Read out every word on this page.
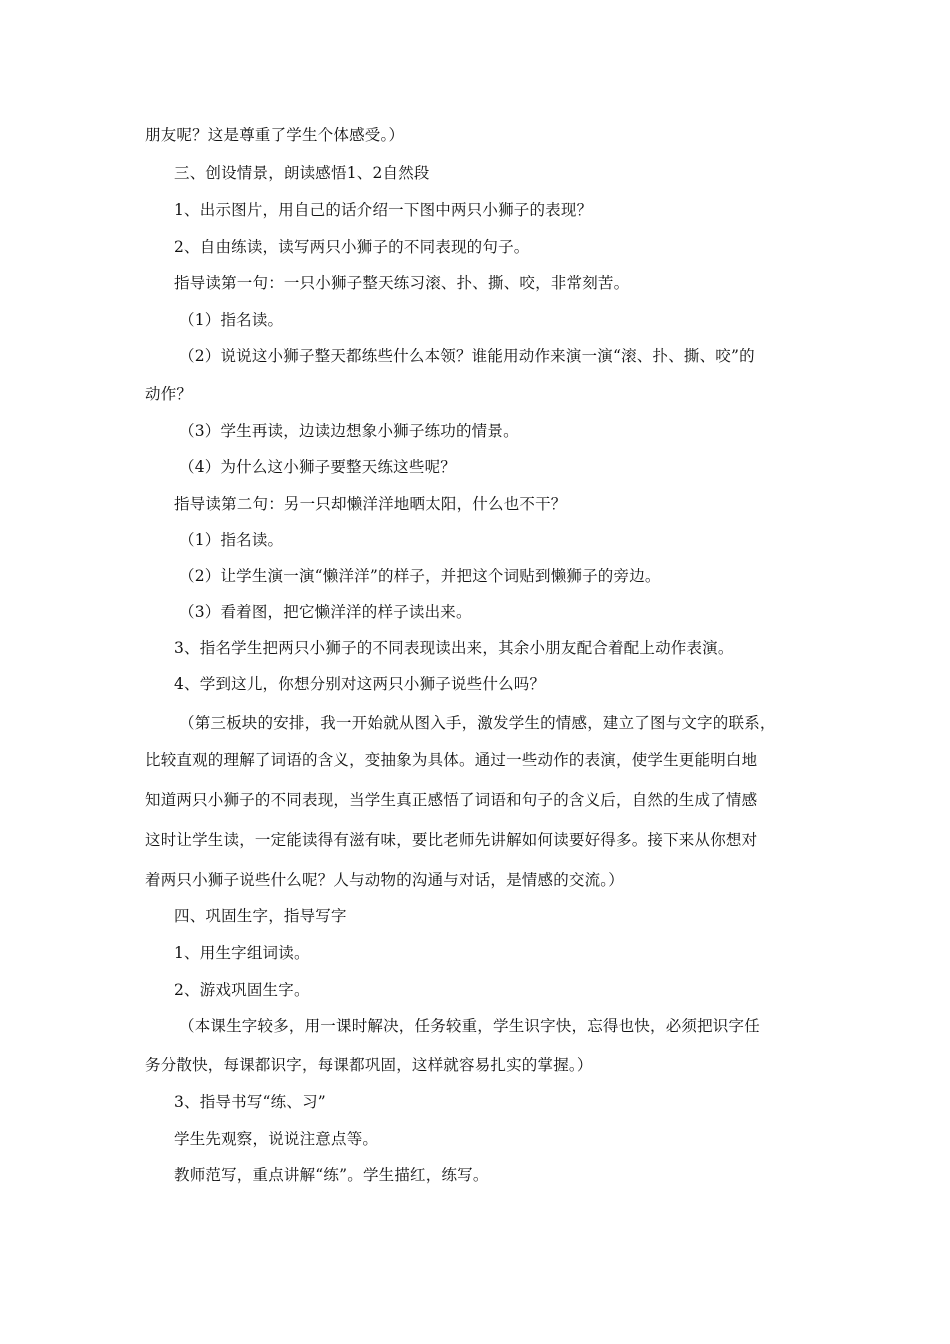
朋友呢？这是尊重了学生个体感受。）
三、创设情景，朗读感悟1、2自然段
1、出示图片，用自己的话介绍一下图中两只小狮子的表现？
2、自由练读，读写两只小狮子的不同表现的句子。
指导读第一句：一只小狮子整天练习滚、扑、撕、咬，非常刻苦。
（1）指名读。
（2）说说这小狮子整天都练些什么本领？谁能用动作来演一演“滚、扑、撕、咬”的
动作？
（3）学生再读，边读边想象小狮子练功的情景。
（4）为什么这小狮子要整天练这些呢？
指导读第二句：另一只却懒洋洋地晒太阳，什么也不干？
（1）指名读。
（2）让学生演一演“懒洋洋”的样子，并把这个词贴到懒狮子的旁边。
（3）看着图，把它懒洋洋的样子读出来。
3、指名学生把两只小狮子的不同表现读出来，其余小朋友配合着配上动作表演。
4、学到这儿，你想分别对这两只小狮子说些什么吗？
（第三板块的安排，我一开始就从图入手，激发学生的情感，建立了图与文字的联系，
比较直观的理解了词语的含义，变抽象为具体。通过一些动作的表演，使学生更能明白地
知道两只小狮子的不同表现，当学生真正感悟了词语和句子的含义后，自然的生成了情感
这时让学生读，一定能读得有滋有味，要比老师先讲解如何读要好得多。接下来从你想对
着两只小狮子说些什么呢？人与动物的沟通与对话，是情感的交流。）
四、巩固生字，指导写字
1、用生字组词读。
2、游戏巩固生字。
（本课生字较多，用一课时解决，任务较重，学生识字快，忘得也快，必须把识字任
务分散快，每课都识字，每课都巩固，这样就容易扎实的掌握。）
3、指导书写“练、习”
学生先观察，说说注意点等。
教师范写，重点讲解“练”。学生描红，练写。
